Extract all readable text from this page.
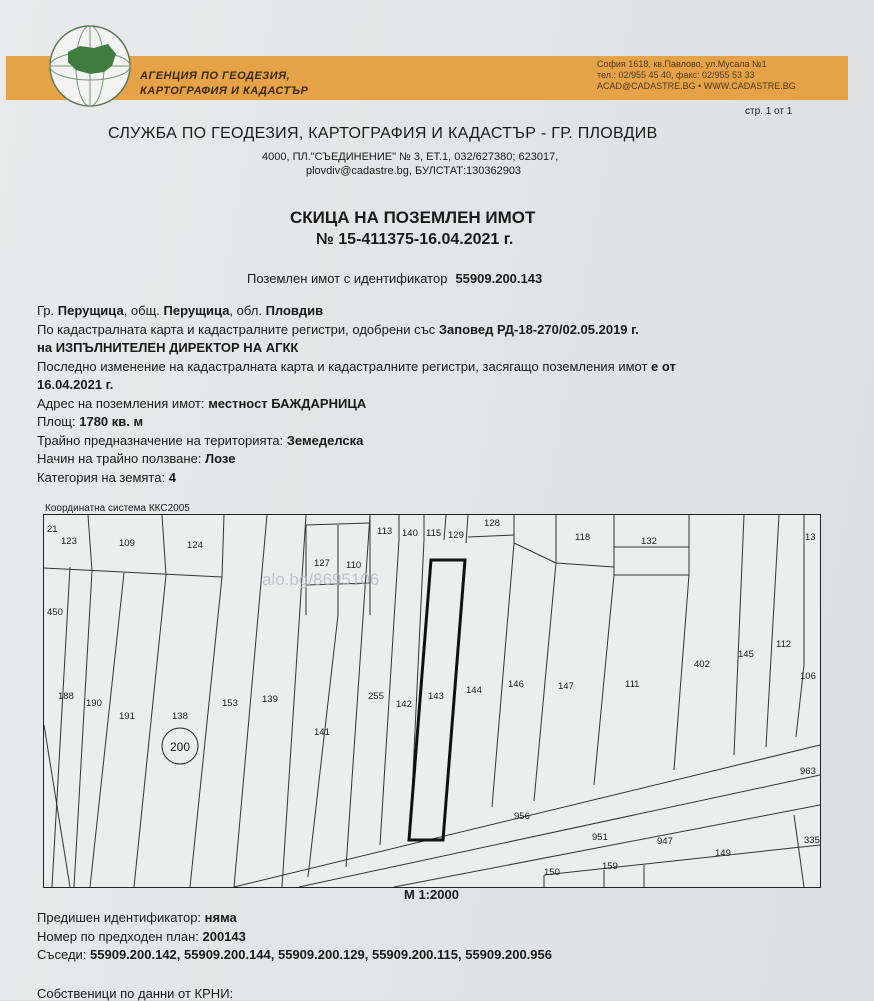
АГЕНЦИЯ ПО ГЕОДЕЗИЯ,
КАРТОГРАФИЯ И КАДАСТЪР
София 1618, кв.Павлово, ул.Мусала №1
тел.: 02/955 45 40, факс: 02/955 53 33
ACAD@CADASTRE.BG • WWW.CADASTRE.BG
стр. 1 от 1
СЛУЖБА ПО ГЕОДЕЗИЯ, КАРТОГРАФИЯ И КАДАСТЪР - ГР. ПЛОВДИВ
4000, ПЛ."СЪЕДИНЕНИЕ" № 3, ЕТ.1, 032/627380; 623017,
plovdiv@cadastre.bg, БУЛСТАТ:130362903
СКИЦА НА ПОЗЕМЛЕН ИМОТ
№ 15-411375-16.04.2021 г.
Поземлен имот с идентификатор 55909.200.143
Гр. Перущица, общ. Перущица, обл. Пловдив
По кадастралната карта и кадастралните регистри, одобрени със Заповед РД-18-270/02.05.2019 г.
на ИЗПЪЛНИТЕЛЕН ДИРЕКТОР НА АГКК
Последно изменение на кадастралната карта и кадастралните регистри, засягащо поземления имот е от
16.04.2021 г.
Адрес на поземления имот: местност БАЖДАРНИЦА
Площ: 1780 кв. м
Трайно предназначение на територията: Земеделска
Начин на трайно ползване: Лозе
Категория на земята: 4
Координатна система ККС2005
21
123	109	124
113 140 115 129
128
118	132	13
127 110
450
188
190
191	138
200
153	139
141
255
142
143
144
146	147	111
402
145
112
106
963
956
951	947
149
335
150
159
alo.bg/8695106
М 1:2000
Предишен идентификатор: няма
Номер по предходен план: 200143
Съседи: 55909.200.142, 55909.200.144, 55909.200.129, 55909.200.115, 55909.200.956
Собственици по данни от КРНИ:
